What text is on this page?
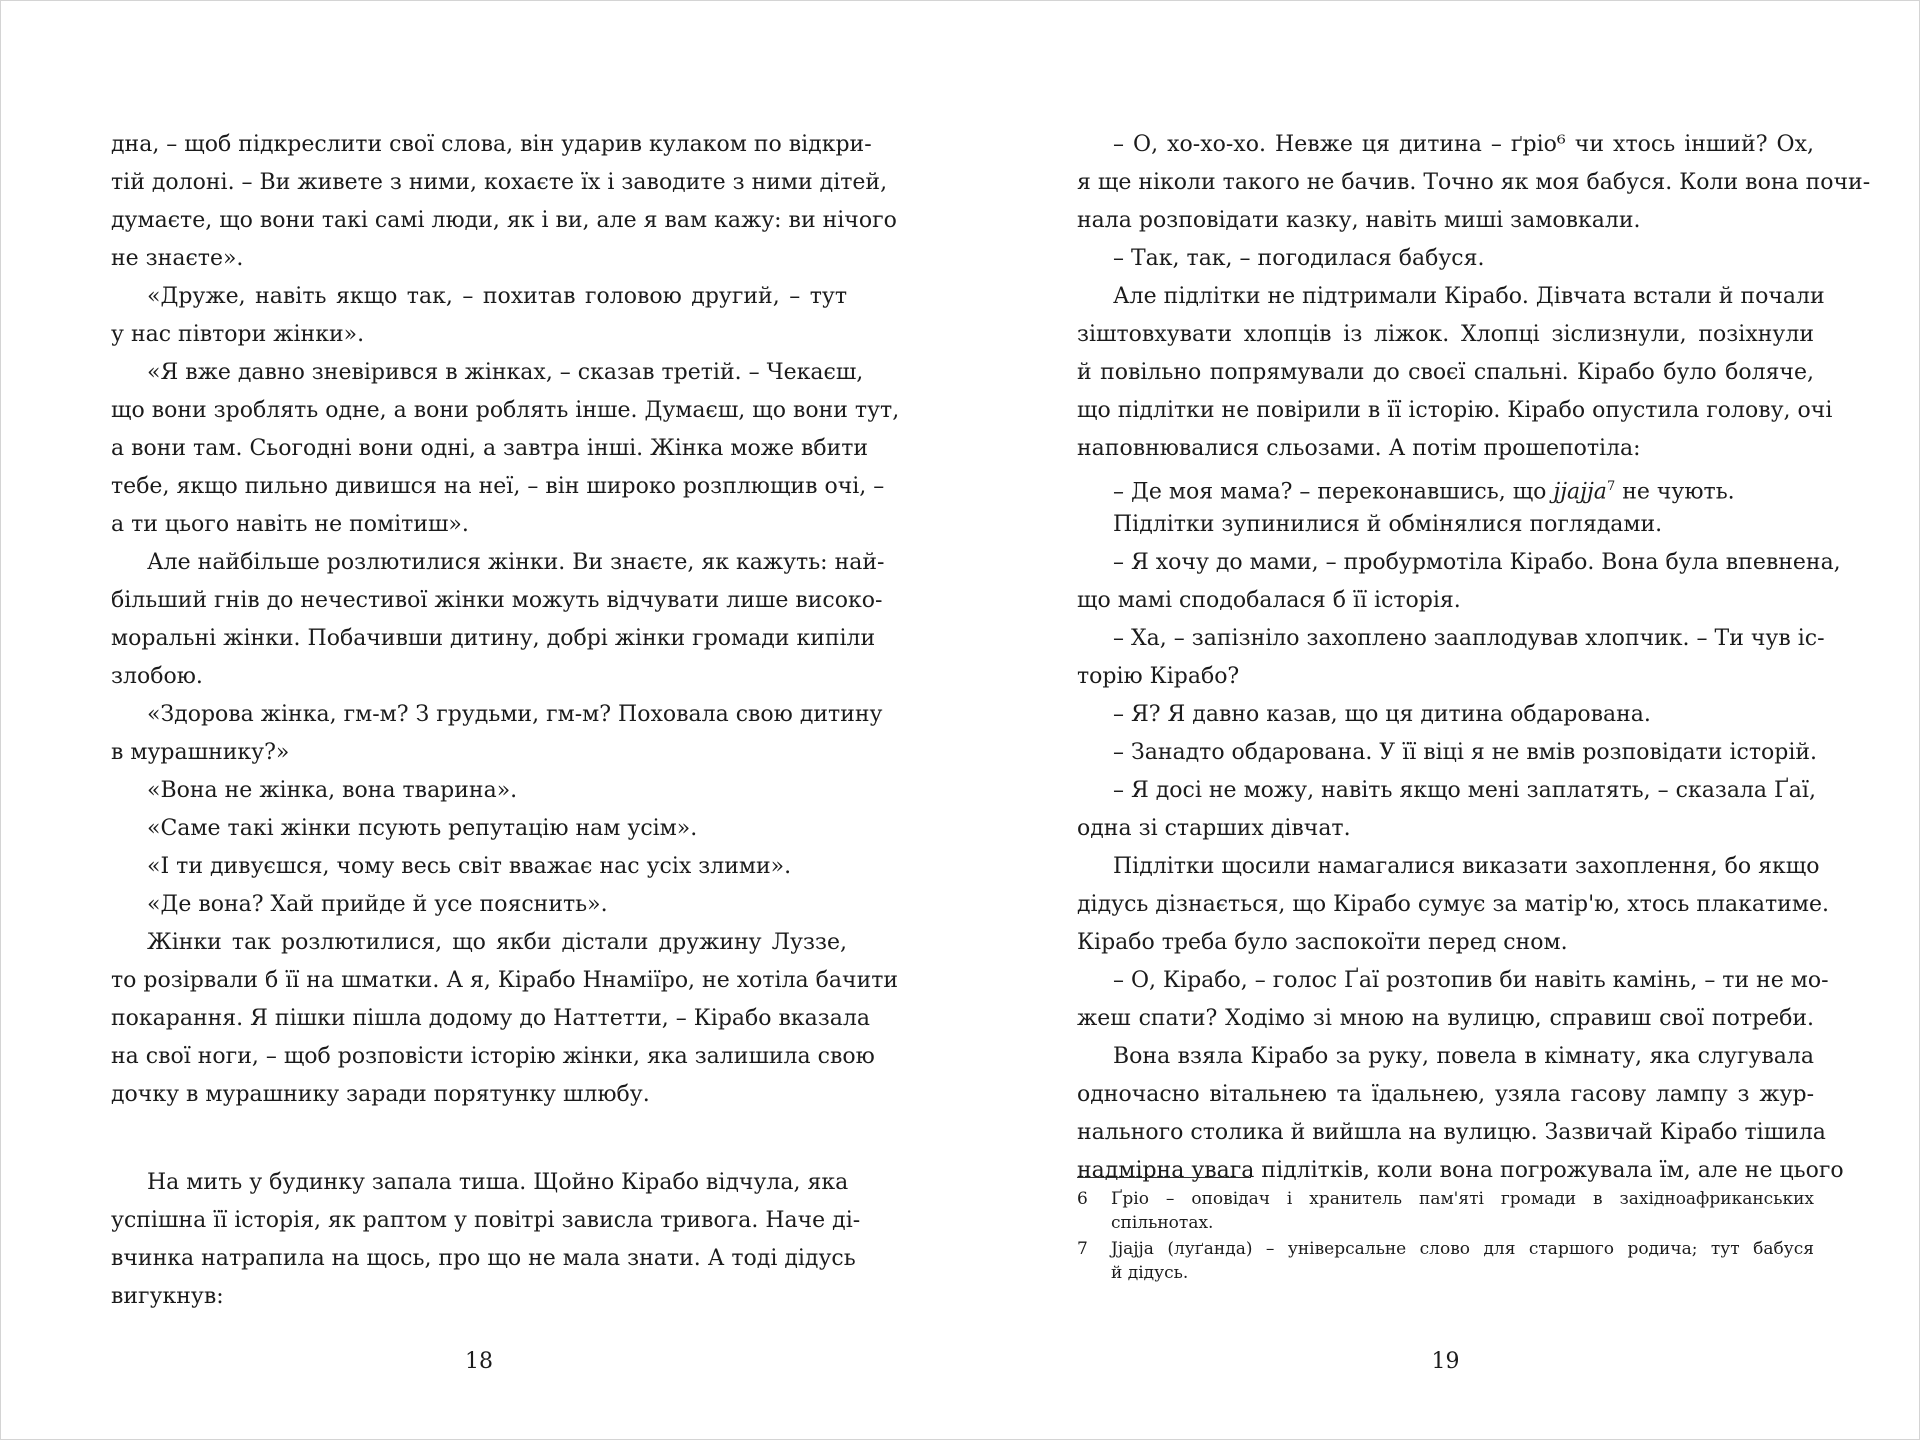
дна, – щоб підкреслити свої слова, він ударив кулаком по відкри-
тій долоні. – Ви живете з ними, кохаєте їх і заводите з ними дітей,
думаєте, що вони такі самі люди, як і ви, але я вам кажу: ви нічого
не знаєте».
«Друже, навіть якщо так, – похитав головою другий, – тут
у нас півтори жінки».
«Я вже давно зневірився в жінках, – сказав третій. – Чекаєш,
що вони зроблять одне, а вони роблять інше. Думаєш, що вони тут,
а вони там. Сьогодні вони одні, а завтра інші. Жінка може вбити
тебе, якщо пильно дивишся на неї, – він широко розплющив очі, –
а ти цього навіть не помітиш».
Але найбільше розлютилися жінки. Ви знаєте, як кажуть: най-
більший гнів до нечестивої жінки можуть відчувати лише високо-
моральні жінки. Побачивши дитину, добрі жінки громади кипіли
злобою.
«Здорова жінка, гм-м? З грудьми, гм-м? Поховала свою дитину
в мурашнику?»
«Вона не жінка, вона тварина».
«Саме такі жінки псують репутацію нам усім».
«І ти дивуєшся, чому весь світ вважає нас усіх злими».
«Де вона? Хай прийде й усе пояснить».
Жінки так розлютилися, що якби дістали дружину Луззе,
то розірвали б її на шматки. А я, Кірабо Ннаміїро, не хотіла бачити
покарання. Я пішки пішла додому до Наттетти, – Кірабо вказала
на свої ноги, – щоб розповісти історію жінки, яка залишила свою
дочку в мурашнику заради порятунку шлюбу.
На мить у будинку запала тиша. Щойно Кірабо відчула, яка
успішна її історія, як раптом у повітрі зависла тривога. Наче ді-
вчинка натрапила на щось, про що не мала знати. А тоді дідусь
вигукнув:
18
– О, хо-хо-хо. Невже ця дитина – ґріо⁶ чи хтось інший? Ох,
я ще ніколи такого не бачив. Точно як моя бабуся. Коли вона почи-
нала розповідати казку, навіть миші замовкали.
– Так, так, – погодилася бабуся.
Але підлітки не підтримали Кірабо. Дівчата встали й почали
зіштовхувати хлопців із ліжок. Хлопці зіслизнули, позіхнули
й повільно попрямували до своєї спальні. Кірабо було боляче,
що підлітки не повірили в її історію. Кірабо опустила голову, очі
наповнювалися сльозами. А потім прошепотіла:
– Де моя мама? – переконавшись, що jjajja$^7$ не чують.
Підлітки зупинилися й обмінялися поглядами.
– Я хочу до мами, – пробурмотіла Кірабо. Вона була впевнена,
що мамі сподобалася б її історія.
– Ха, – запізніло захоплено зааплодував хлопчик. – Ти чув іс-
торію Кірабо?
– Я? Я давно казав, що ця дитина обдарована.
– Занадто обдарована. У її віці я не вмів розповідати історій.
– Я досі не можу, навіть якщо мені заплатять, – сказала Ґаї,
одна зі старших дівчат.
Підлітки щосили намагалися виказати захоплення, бо якщо
дідусь дізнається, що Кірабо сумує за матір'ю, хтось плакатиме.
Кірабо треба було заспокоїти перед сном.
– О, Кірабо, – голос Ґаї розтопив би навіть камінь, – ти не мо-
жеш спати? Ходімо зі мною на вулицю, справиш свої потреби.
Вона взяла Кірабо за руку, повела в кімнату, яка слугувала
одночасно вітальнею та їдальнею, узяла гасову лампу з жур-
нального столика й вийшла на вулицю. Зазвичай Кірабо тішила
надмірна увага підлітків, коли вона погрожувала їм, але не цього
6	Ґріо – оповідач і хранитель пам'яті громади в західноафриканських
спільнотах.
7	Jjajja (луґанда) – універсальне слово для старшого родича; тут бабуся
й дідусь.
19
